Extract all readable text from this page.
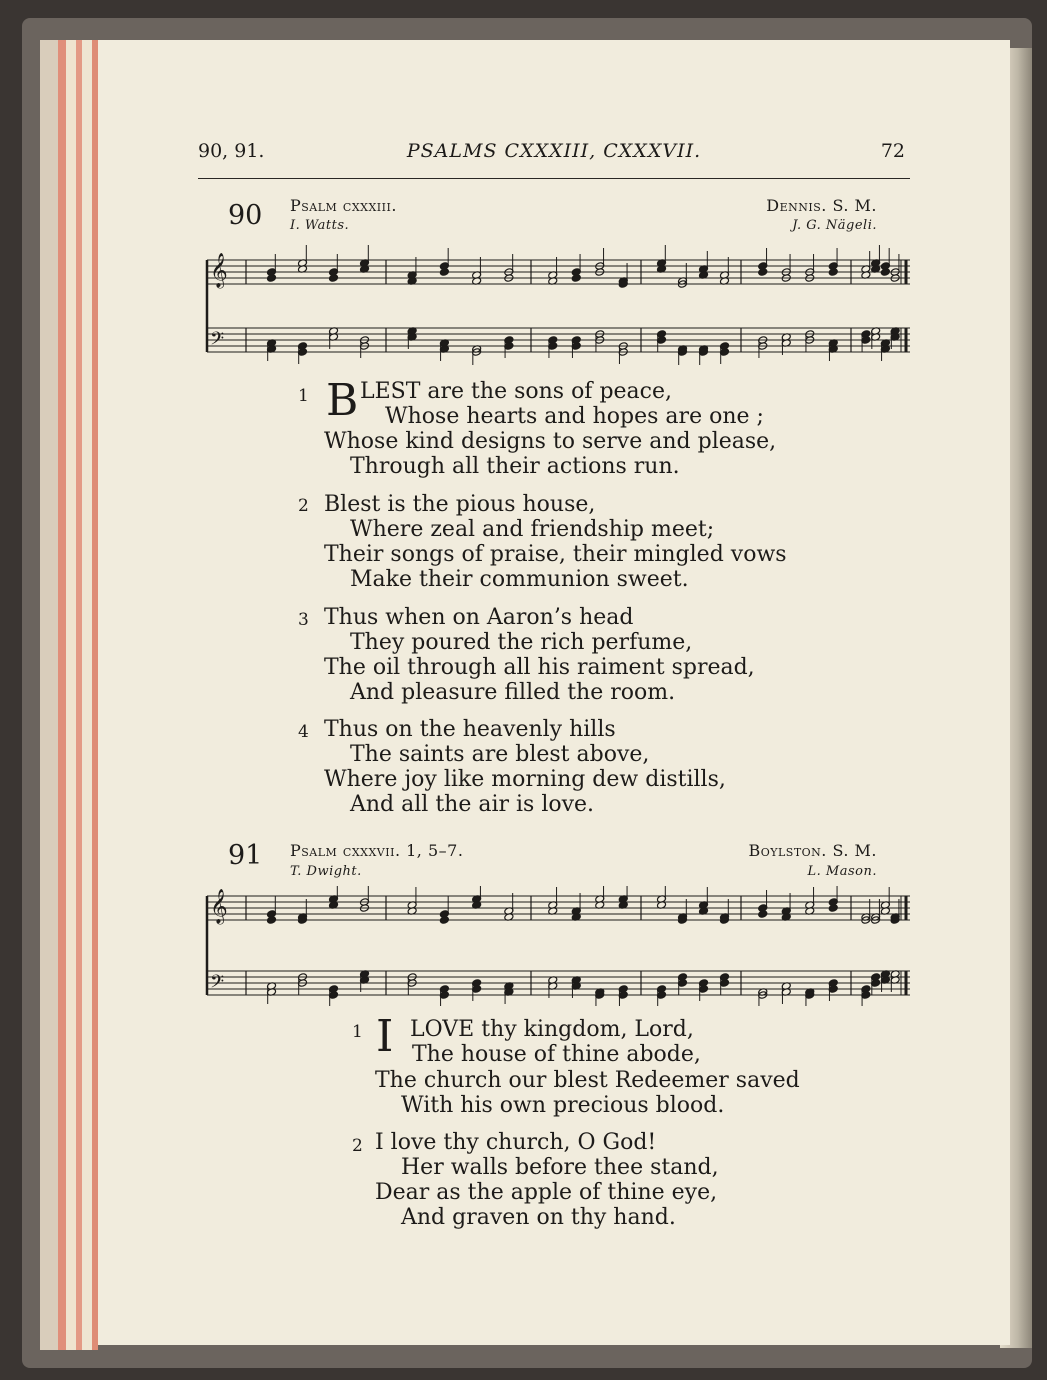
90, 91.	PSALMS CXXXIII, CXXXVII.	72
90 Psalm cxxxiii.
I. Watts.
Dennis. S. M.
J. G. Nägeli.
𝄞
𝄢
1 B LEST are the sons of peace,
Whose hearts and hopes are one ;
Whose kind designs to serve and please,
Through all their actions run.
2 Blest is the pious house,
Where zeal and friendship meet;
Their songs of praise, their mingled vows
Make their communion sweet.
3 Thus when on Aaron’s head
They poured the rich perfume,
The oil through all his raiment spread,
And pleasure filled the room.
4 Thus on the heavenly hills
The saints are blest above,
Where joy like morning dew distills,
And all the air is love.
91 Psalm cxxxvii. 1, 5–7.
T. Dwight.
Boylston. S. M.
L. Mason.
𝄞
𝄢
1 I LOVE thy kingdom, Lord,
The house of thine abode,
The church our blest Redeemer saved
With his own precious blood.
2 I love thy church, O God!
Her walls before thee stand,
Dear as the apple of thine eye,
And graven on thy hand.
